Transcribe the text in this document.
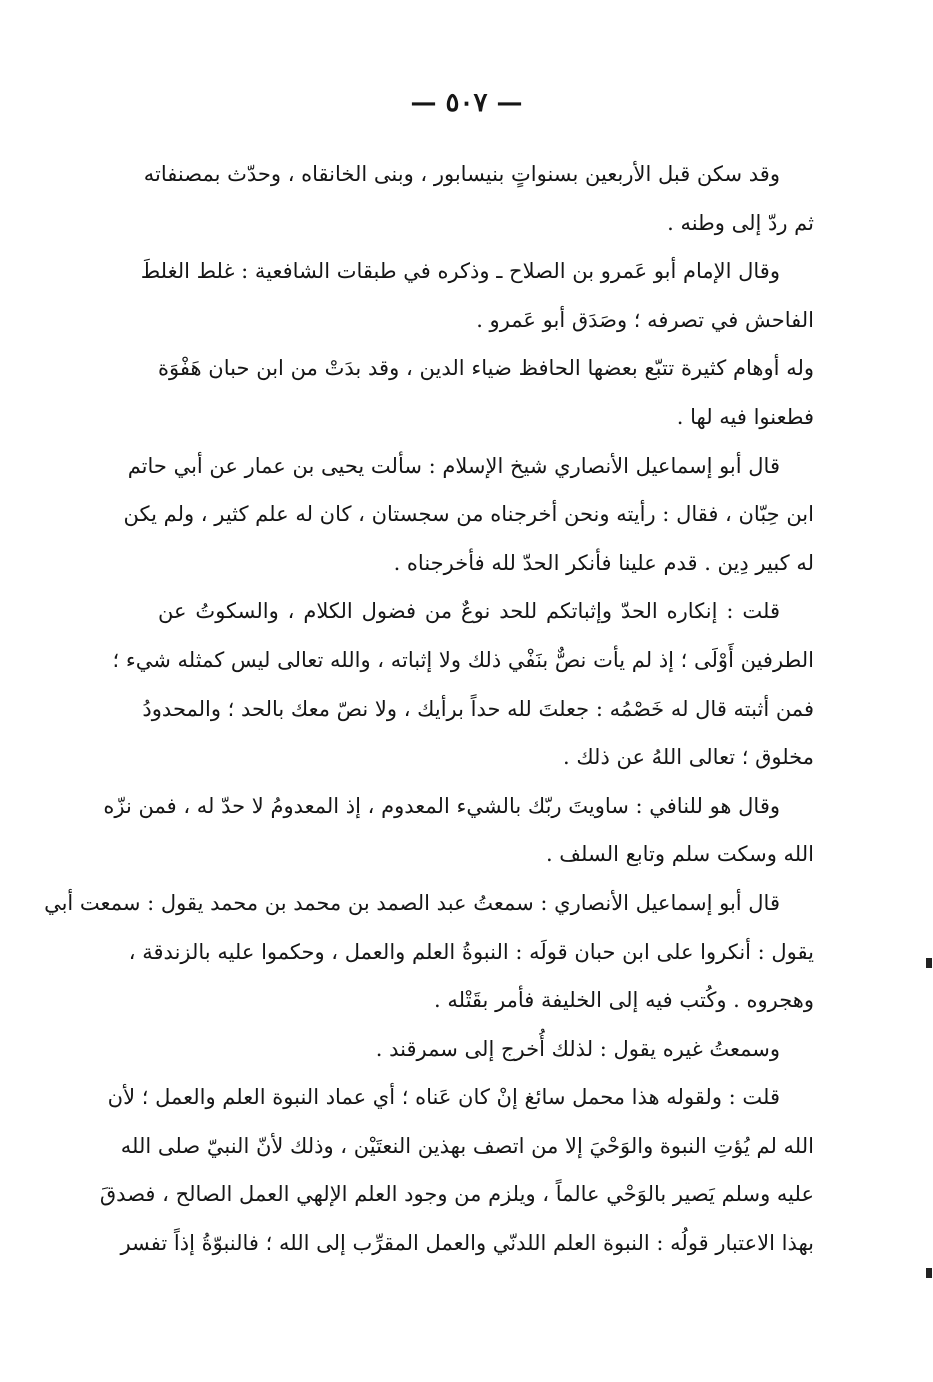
— ٥٠٧ —
وقد سكن قبل الأربعين بسنواتٍ بنيسابور ، وبنى الخانقاه ، وحدّث بمصنفاته
ثم ردّ إلى وطنه .
وقال الإمام أبو عَمرو بن الصلاح ـ وذكره في طبقات الشافعية : غلط الغلطَ
الفاحش في تصرفه ؛ وصَدَق أبو عَمرو .
وله أوهام كثيرة تتبّع بعضها الحافظ ضياء الدين ، وقد بدَتْ من ابن حبان هَفْوَة
فطعنوا فيه لها .
قال أبو إسماعيل الأنصاري شيخ الإسلام : سألت يحيى بن عمار عن أبي حاتم
ابن حِبّان ، فقال : رأيته ونحن أخرجناه من سجستان ، كان له علم كثير ، ولم يكن
له كبير دِين . قدم علينا فأنكر الحدّ لله فأخرجناه .
قلت : إنكاره الحدّ وإثباتكم للحد نوعٌ من فضول الكلام ، والسكوتُ عن
الطرفين أَوْلَى ؛ إذ لم يأت نصٌّ بنَفْي ذلك ولا إثباته ، والله تعالى ليس كمثله شيء ؛
فمن أثبته قال له خَصْمُه : جعلتَ لله حداً برأيك ، ولا نصّ معك بالحد ؛ والمحدودُ
مخلوق ؛ تعالى اللهُ عن ذلك .
وقال هو للنافي : ساويتَ ربّك بالشيء المعدوم ، إذ المعدومُ لا حدّ له ، فمن نزّه
الله وسكت سلم وتابع السلف .
قال أبو إسماعيل الأنصاري : سمعتُ عبد الصمد بن محمد بن محمد يقول : سمعت أبي
يقول : أنكروا على ابن حبان قولَه : النبوةُ العلم والعمل ، وحكموا عليه بالزندقة ،
وهجروه . وكُتب فيه إلى الخليفة فأمر بقَتْله .
وسمعتُ غيره يقول : لذلك أُخرج إلى سمرقند .
قلت : ولقوله هذا محمل سائغ إنْ كان عَناه ؛ أي عماد النبوة العلم والعمل ؛ لأن
الله لم يُؤتِ النبوة والوَحْيَ إلا من اتصف بهذين النعتَيْن ، وذلك لأنّ النبيّ صلى الله
عليه وسلم يَصير بالوَحْي عالماً ، ويلزم من وجود العلم الإلهي العمل الصالح ، فصدقَ
بهذا الاعتبار قولُه : النبوة العلم اللدنّي والعمل المقرِّب إلى الله ؛ فالنبوّةُ إذاً تفسر
